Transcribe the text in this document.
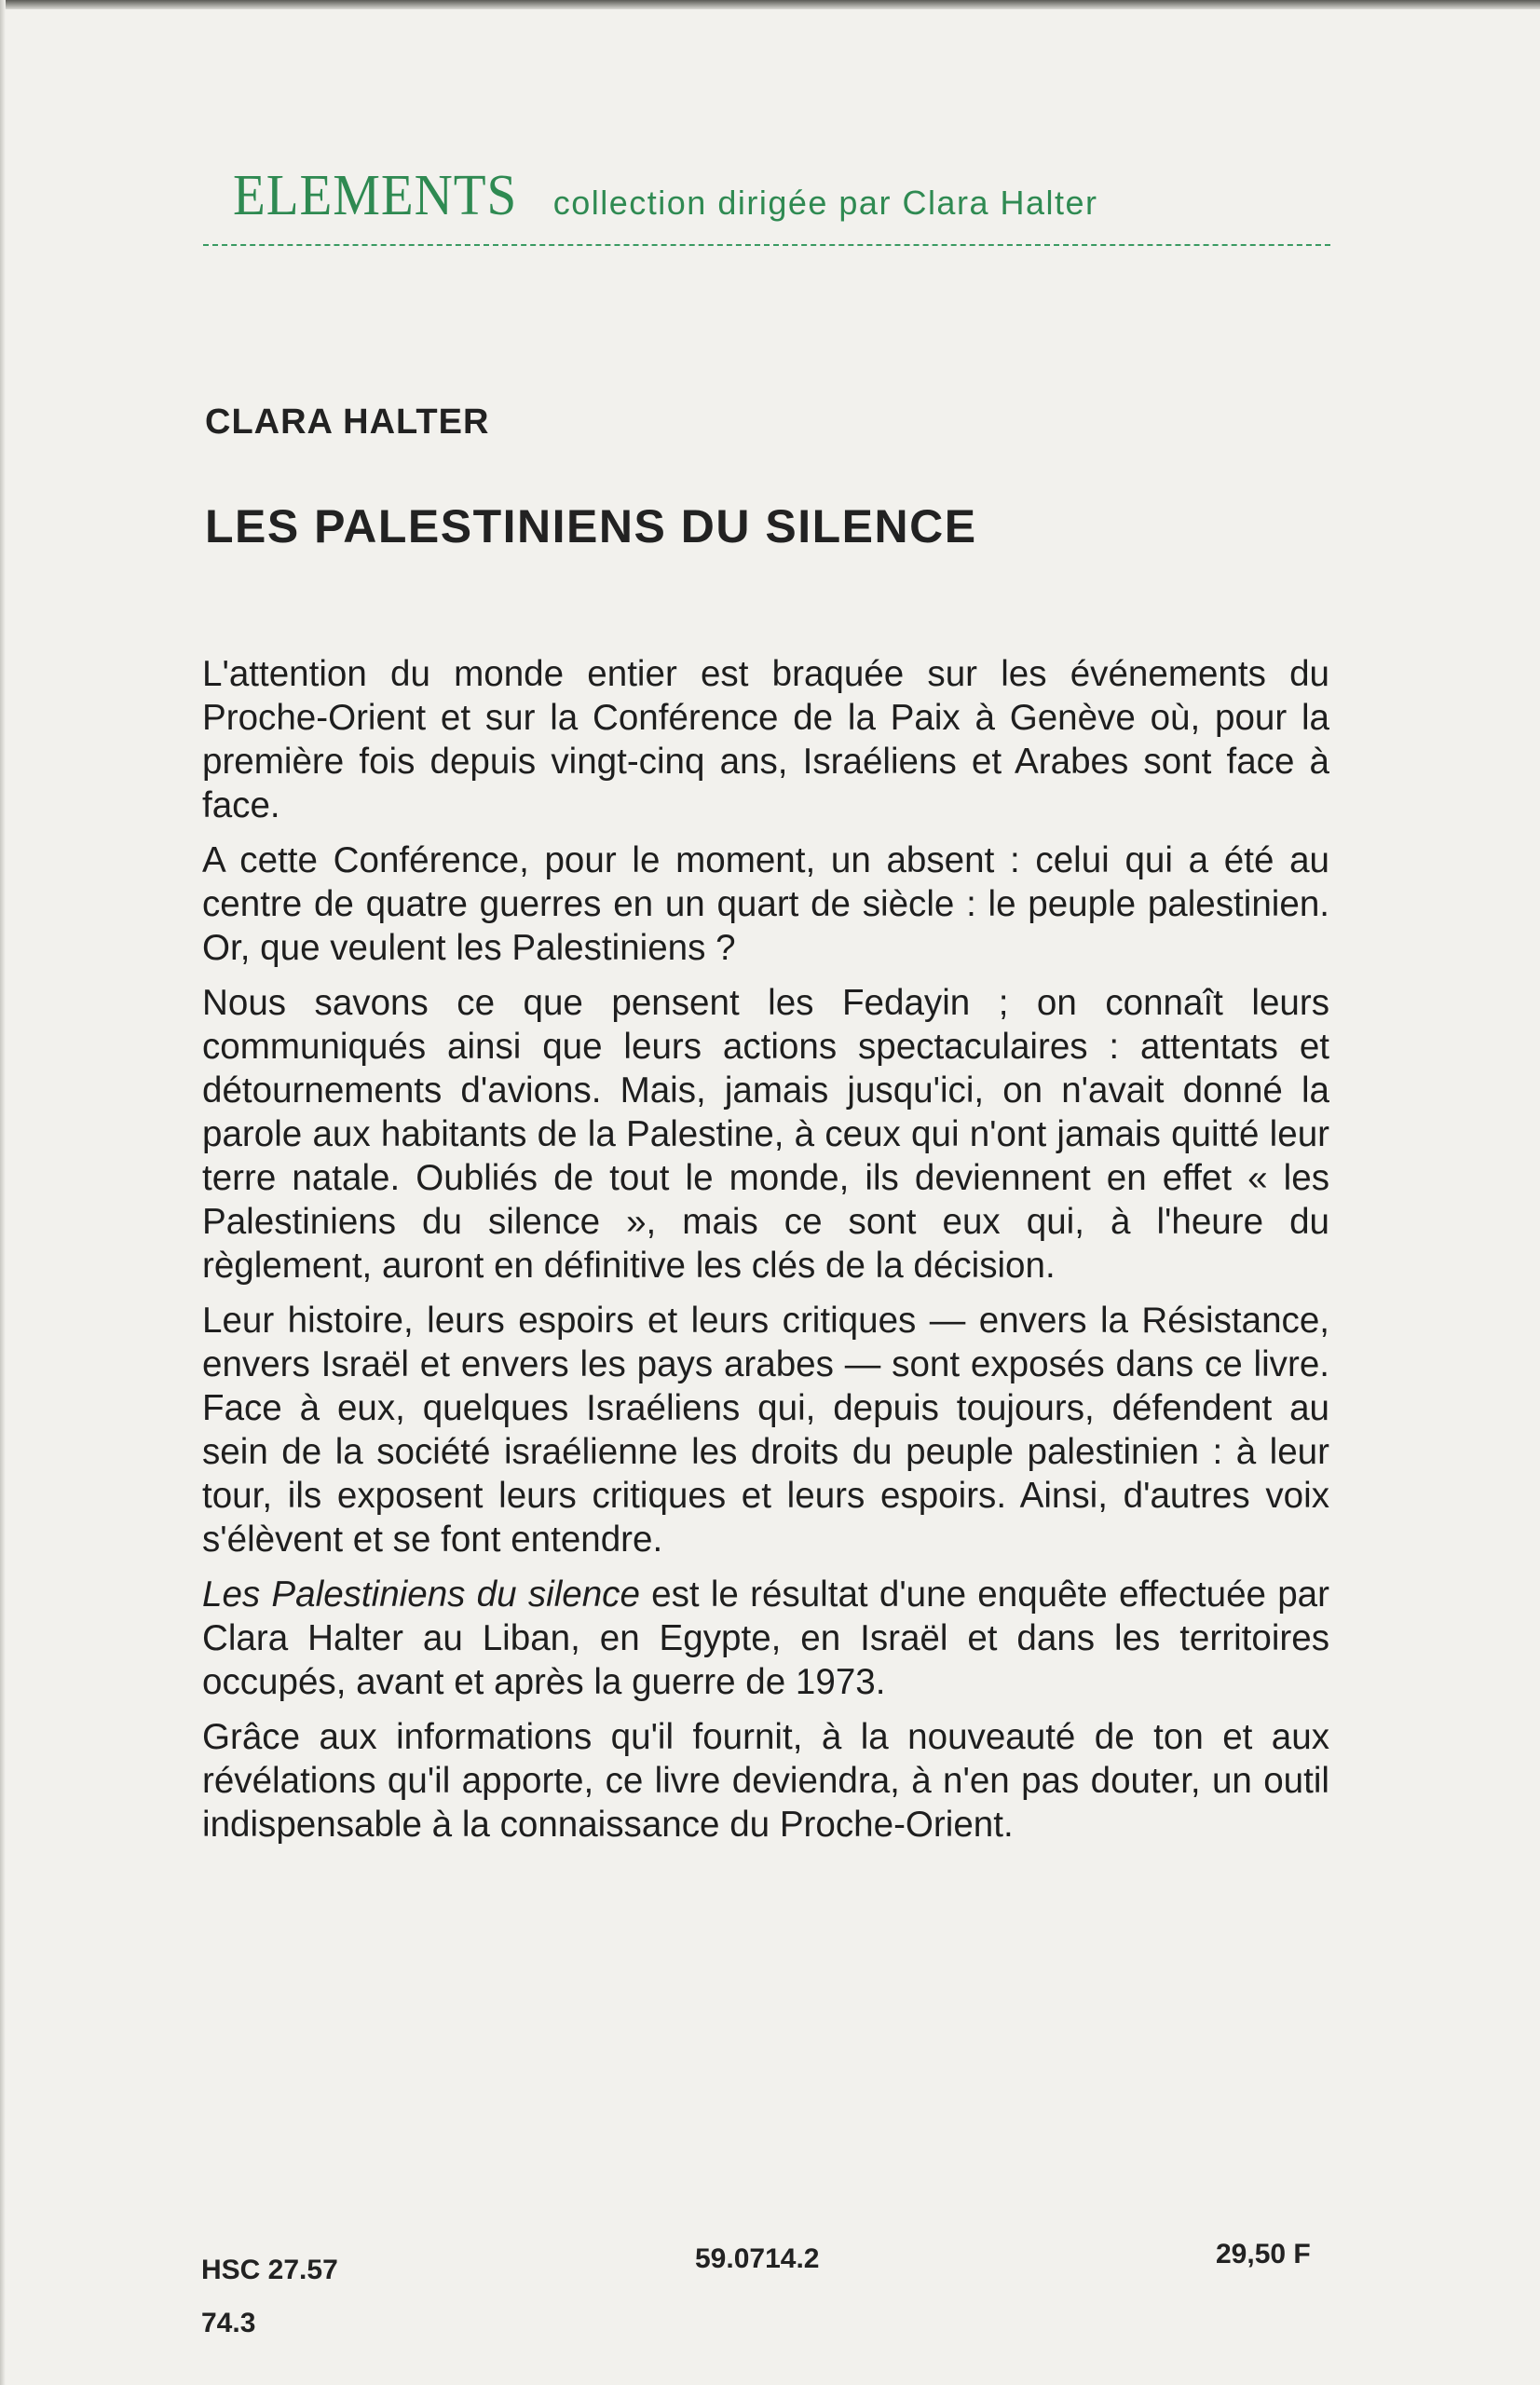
ELEMENTS collection dirigée par Clara Halter
CLARA HALTER
LES PALESTINIENS DU SILENCE

L'attention du monde entier est braquée sur les événements du Proche-Orient et sur la Conférence de la Paix à Genève où, pour la première fois depuis vingt-cinq ans, Israéliens et Arabes sont face à face.

A cette Conférence, pour le moment, un absent : celui qui a été au centre de quatre guerres en un quart de siècle : le peuple palestinien. Or, que veulent les Palestiniens ?

Nous savons ce que pensent les Fedayin ; on connaît leurs communiqués ainsi que leurs actions spectaculaires : attentats et détournements d'avions. Mais, jamais jusqu'ici, on n'avait donné la parole aux habitants de la Palestine, à ceux qui n'ont jamais quitté leur terre natale. Oubliés de tout le monde, ils deviennent en effet « les Palestiniens du silence », mais ce sont eux qui, à l'heure du règlement, auront en définitive les clés de la décision.

Leur histoire, leurs espoirs et leurs critiques — envers la Résistance, envers Israël et envers les pays arabes — sont exposés dans ce livre. Face à eux, quelques Israéliens qui, depuis toujours, défendent au sein de la société israélienne les droits du peuple palestinien : à leur tour, ils exposent leurs critiques et leurs espoirs. Ainsi, d'autres voix s'élèvent et se font entendre.

Les Palestiniens du silence est le résultat d'une enquête effectuée par Clara Halter au Liban, en Egypte, en Israël et dans les territoires occupés, avant et après la guerre de 1973.

Grâce aux informations qu'il fournit, à la nouveauté de ton et aux révélations qu'il apporte, ce livre deviendra, à n'en pas douter, un outil indispensable à la connaissance du Proche-Orient.

HSC 27.57
74.3
59.0714.2	29,50 F
